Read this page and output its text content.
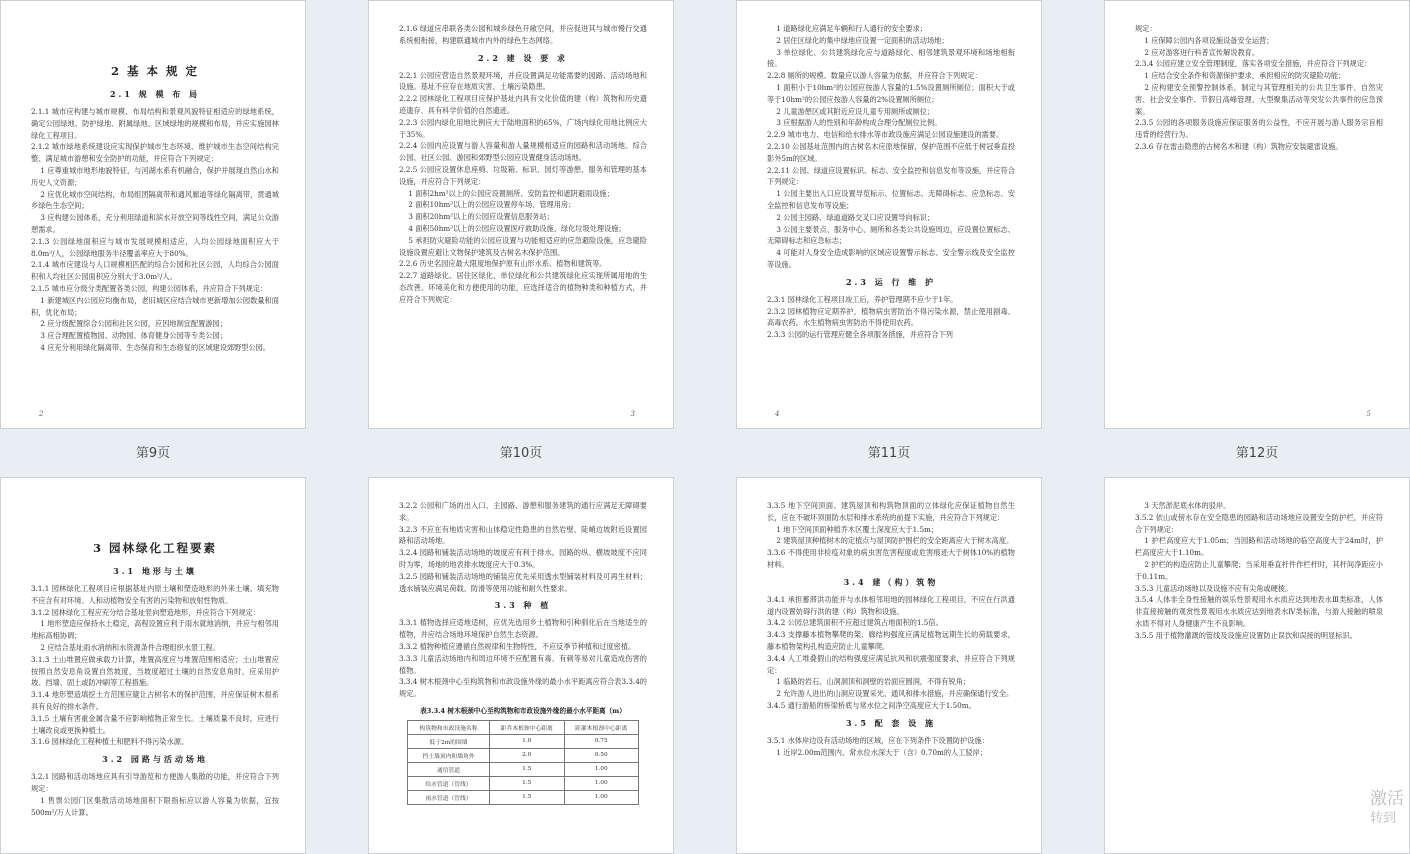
2 基 本 规 定

2.1 规 模 布 局

2.1.1 城市应构建与城市规模、布局结构和景观风貌特征相适应的绿地系统，确定公园绿地、防护绿地、附属绿地、区域绿地的规模和布局，并应实施园林绿化工程项目。

2.1.2 城市绿地系统建设应实现保护城市生态环境、维护城市生态空间结构完整、满足城市游憩和安全防护的功能，并应符合下列规定：

1 应尊重城市地形地貌特征，与河湖水系有机融合，保护并展现自然山水和历史人文资源；

2 应优化城市空间结构，布局组团隔离带和通风廊道等绿化隔离带，贯通城乡绿色生态空间；

3 应构建公园体系，充分利用绿道和滨水开放空间等线性空间，满足公众游憩需求。

2.1.3 公园绿地面积应与城市发展规模相适应，人均公园绿地面积应大于8.0m²/人，公园绿地服务半径覆盖率应大于80%。

2.1.4 城市应建设与人口规模相匹配的综合公园和社区公园，人均综合公园面积和人均社区公园面积应分别大于3.0m²/人。

2.1.5 城市应分级分类配置各类公园，构建公园体系，并应符合下列规定：

1 新建城区内公园应均衡布局，老旧城区应结合城市更新增加公园数量和面积，优化布局；

2 应分级配置综合公园和社区公园，应因地制宜配置游园；

3 应合理配置植物园、动物园、体育健身公园等专类公园；

4 应充分利用绿化隔离带、生态保育和生态修复的区域建设郊野型公园。

2
第9页

2.1.6 绿道应串联各类公园和城乡绿色开敞空间，并应促进其与城市慢行交通系统相衔接，构建联通城市内外的绿色生态网络。

2.2 建 设 要 求

2.2.1 公园应营造自然景观环境，并应设置满足功能需要的园路、活动场地和设施。基址不应存在地质灾害、土壤污染隐患。

2.2.2 园林绿化工程项目应保护基址内具有文化价值的建（构）筑物和历史遗迹遗存、具有科学价值的自然遗迹。

2.2.3 公园内绿化用地比例应大于陆地面积的65%，广场内绿化用地比例应大于35%。

2.2.4 公园内应设置与游人容量和游人量规模相适应的园路和活动场地。综合公园、社区公园、游园和郊野型公园应设置健身活动场地。

2.2.5 公园应设置休息座椅、垃圾箱、标识、园灯等游憩、服务和管理的基本设施，并应符合下列规定：

1 面积2hm²以上的公园应设置厕所、安防监控和遮阴避雨设施；

2 面积10hm²以上的公园应设置停车场、管理用房；

3 面积20hm²以上的公园应设置信息服务站；

4 面积50hm²以上的公园应设置医疗救助设施、绿化垃圾处理设施；

5 承担防灾避险功能的公园应设置与功能相适应的应急避险设施，应急避险设施设置应避让文物保护建筑及古树名木保护范围。

2.2.6 历史名园应最大限度地保护原有山形水系、植物和建筑等。

2.2.7 道路绿化、居住区绿化、单位绿化和公共建筑绿化应实现所属用地的生态改善、环境美化和方便使用的功能，应选择适合的植物种类和种植方式，并应符合下列规定：

3
第10页

1 道路绿化应满足车辆和行人通行的安全要求；

2 居住区绿化的集中绿地应设置一定面积的活动场地；

3 单位绿化、公共建筑绿化应与道路绿化、相邻建筑景观环境和场地相衔接。

2.2.8 厕所的规模、数量应以游人容量为依据，并应符合下列规定：

1 面积小于10hm²的公园应按游人容量的1.5%设置厕所厕位；面积大于或等于10hm²的公园应按游人容量的2%设置厕所厕位；

2 儿童游憩区或其附近应设儿童专用厕所或厕位；

3 应根据游人的性别和年龄构成合理分配厕位比例。

2.2.9 城市电力、电信和给水排水等市政设施应满足公园设施建设的需要。

2.2.10 公园基址范围内的古树名木应原地保留，保护范围不应低于树冠垂直投影外5m的区域。

2.2.11 公园、绿道应设置标识、标志、安全监控和信息发布等设施，并应符合下列规定：

1 公园主要出入口应设置导览标示、位置标志、无障碍标志、应急标志、安全监控和信息发布等设施；

2 公园主园路、绿道道路交叉口应设置导向标识；

3 公园主要景点、服务中心、厕所和各类公共设施周边，应设置位置标志、无障碍标志和应急标志；

4 可能对人身安全造成影响的区域应设置警示标志、安全警示线及安全监控等设施。

2.3 运 行 维 护

2.3.1 园林绿化工程项目竣工后，养护管理期不应少于1年。

2.3.2 园林植物应定期养护，植物病虫害防治不得污染水源，禁止使用剧毒、高毒农药，水生植物病虫害防治不得使用农药。

2.3.3 公园的运行管理应健全各项服务措施，并应符合下列

4
第11页

规定：

1 应保障公园内各项设施设备安全运营；

2 应对游客进行科普宣传解说教育。

2.3.4 公园应建立安全管理制度，落实各项安全措施，并应符合下列规定：

1 应结合安全条件和资源保护要求，承担相应的防灾避险功能；

2 应构建安全预警控制体系，制定与其管理相关的公共卫生事件、自然灾害、社会安全事件、节假日高峰管理、大型聚集活动等突发公共事件的应急预案。

2.3.5 公园的各项服务设施应保证服务的公益性，不应开展与游人服务宗旨相违背的经营行为。

2.3.6 存在雷击隐患的古树名木和建（构）筑物应安装避雷设施。

5
第12页

3 园林绿化工程要素

3.1 地形与土壤

3.1.1 园林绿化工程项目应根据基址内原土壤和塑造地形的外来土壤、填充物不应含有对环境、人和动植物安全有害的污染物和放射性物质。

3.1.2 园林绿化工程应充分结合基址竖向塑造地形，并应符合下列规定：

1 地形塑造应保持水土稳定，高程设置应利于雨水就地消纳，并应与相邻用地标高相协调；

2 应结合基址雨水消纳和水资源条件合理组织水景工程。

3.1.3 土山堆置应做承载力计算，堆置高度应与堆置范围相适应；土山堆置应按照自然安息角设置自然坡度，当坡度超过土壤的自然安息角时，应采用护坡、挡墙、固土或防冲刷等工程措施。

3.1.4 地形塑造填挖土方范围应避让古树名木的保护范围，并应保证树木根系具有良好的排水条件。

3.1.5 土壤有害重金属含量不应影响植物正常生长。土壤质量不良时，应进行土壤改良或更换种植土。

3.1.6 园林绿化工程种植土和肥料不得污染水源。

3.2 园路与活动场地

3.2.1 园路和活动场地应具有引导游览和方便游人集散的功能，并应符合下列规定：

1 售票公园门区集散活动场地面积下限指标应以游人容量为依据，宜按500m²/万人计算。

3.2.2 公园和广场的出入口、主园路、游憩和服务建筑的通行应满足无障碍要求。

3.2.3 不应在有地质灾害和山体稳定性隐患的自然岩壁、陡峭边坡附近设置园路和活动场地。

3.2.4 园路和铺装活动场地的坡度应有利于排水。园路的纵、横坡坡度不应同时为零，场地的地表排水坡度应大于0.3%。

3.2.5 园路和铺装活动场地的铺装应优先采用透水型铺装材料及可再生材料；透水铺装应满足荷载、防滑等使用功能和耐久性要求。

3.3 种 植

3.3.1 植物选择应适地适树，应优先选用乡土植物和引种驯化后在当地适生的植物，并应结合场地环境保护自然生态资源。

3.3.2 植物种植应遵循自然规律和生物特性，不应反季节种植和过度密植。

3.3.3 儿童活动场地内和周边环境不应配置有毒、有刺等易对儿童造成伤害的植物。

3.3.4 树木根颈中心至构筑物和市政设施外缘的最小水平距离应符合表3.3.4的规定。

表3.3.4 树木根颈中心至构筑物和市政设施外缘的最小水平距离（m）
构筑物和市政设施名称	距乔木根颈中心距离	距灌木根颈中心距离
低于2m的围墙	1.0	0.75
挡土墙顶内和墙角外	2.0	0.50
通信管道	1.5	1.00
给水管道（管线）	1.5	1.00
雨水管道（管线）	1.5	1.00

3.3.5 地下空间顶面、建筑屋顶和构筑物顶面的立体绿化应保证植物自然生长，应在不破坏顶面防水层和排水系统的前提下实施，并应符合下列规定：

1 地下空间顶面种植乔木区覆土深度应大于1.5m；

2 建筑屋顶种植树木的定植点与屋顶防护围栏的安全距离应大于树木高度。

3.3.6 不得使用非检疫对象的病虫害危害程度或危害痕迹大于树体10%的植物材料。

3.4 建（构）筑物

3.4.1 承担蓄滞洪功能并与水体相邻用地的园林绿化工程项目，不应在行洪通道内设置妨碍行洪的建（构）筑物和设施。

3.4.2 公园总建筑面积不应超过建筑占地面积的1.5倍。

3.4.3 支撑藤本植物攀爬的架、廊结构强度应满足植物远期生长的荷载要求，藤本植物架构孔构造应防止儿童攀爬。

3.4.4 人工堆叠假山的结构强度应满足抗风和抗震强度要求，并应符合下列规定：

1 临路的岩石、山洞洞顶和洞壁的岩面应圆润，不得有锐角；

2 允许游人进出的山洞应设置采光、通风和排水措施，并应确保通行安全。

3.4.5 通行游船的桥梁桥底与常水位之间净空高度应大于1.50m。

3.5 配 套 设 施

3.5.1 水体岸边设有活动场地的区域，应在下列条件下设置防护设施：

1 近岸2.00m范围内、常水位水深大于（含）0.70m的人工驳岸；

3 天然淤泥底水体的驳岸。

3.5.2 依山或傍水存在安全隐患的园路和活动场地应设置安全防护栏，并应符合下列规定：

1 护栏高度应大于1.05m；当园路和活动场地的临空高度大于24m时，护栏高度应大于1.10m。

2 护栏的构造应防止儿童攀爬；当采用垂直杆件作栏杆时，其杆间净距应小于0.11m。

3.5.3 儿童活动场地以及设施不应有尖角或硬棱。

3.5.4 人体非全身性接触的娱乐性景观用水水质应达到地表水Ⅲ类标准，人体非直接接触的观赏性景观用水水质应达到地表水Ⅳ类标准，与游人接触的喷泉水质不得对人身健康产生不良影响。

3.5.5 用于植物灌溉的管线及设施应设置防止误饮和误接的明显标识。

激活
转到
